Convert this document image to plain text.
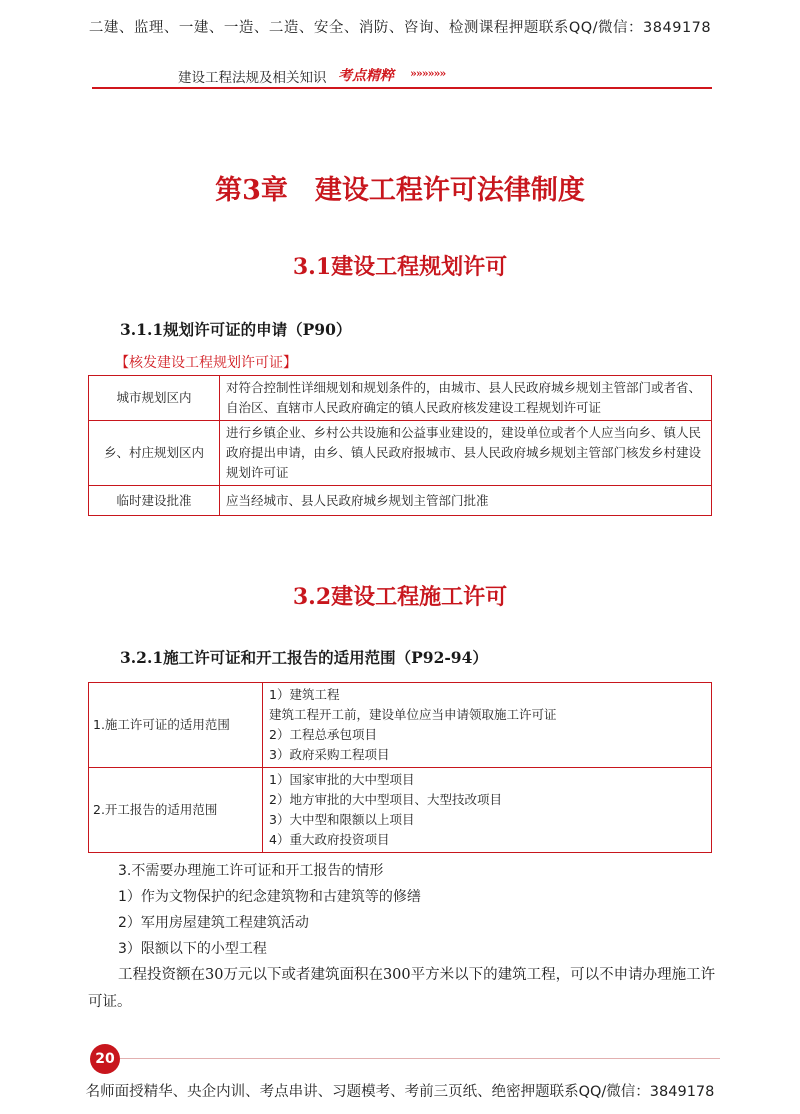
二建、监理、一建、一造、二造、安全、消防、咨询、检测课程押题联系QQ/微信：3849178
建设工程法规及相关知识 考点精粹 »»»»»»
第3章　建设工程许可法律制度
3.1建设工程规划许可
3.1.1规划许可证的申请（P90）
【核发建设工程规划许可证】
城市规划区内	对符合控制性详细规划和规划条件的，由城市、县人民政府城乡规划主管部门或者省、自治区、直辖市人民政府确定的镇人民政府核发建设工程规划许可证
乡、村庄规划区内	进行乡镇企业、乡村公共设施和公益事业建设的，建设单位或者个人应当向乡、镇人民政府提出申请，由乡、镇人民政府报城市、县人民政府城乡规划主管部门核发乡村建设规划许可证
临时建设批准	应当经城市、县人民政府城乡规划主管部门批准
3.2建设工程施工许可
3.2.1施工许可证和开工报告的适用范围（P92-94）
1.施工许可证的适用范围	1）建筑工程
建筑工程开工前，建设单位应当申请领取施工许可证
2）工程总承包项目
3）政府采购工程项目

2.开工报告的适用范围	1）国家审批的大中型项目
2）地方审批的大中型项目、大型技改项目
3）大中型和限额以上项目
4）重大政府投资项目
3.不需要办理施工许可证和开工报告的情形
1）作为文物保护的纪念建筑物和古建筑等的修缮
2）军用房屋建筑工程建筑活动
3）限额以下的小型工程
工程投资额在30万元以下或者建筑面积在300平方米以下的建筑工程，可以不申请办理施工许可证。
20
名师面授精华、央企内训、考点串讲、习题模考、考前三页纸、绝密押题联系QQ/微信：3849178
